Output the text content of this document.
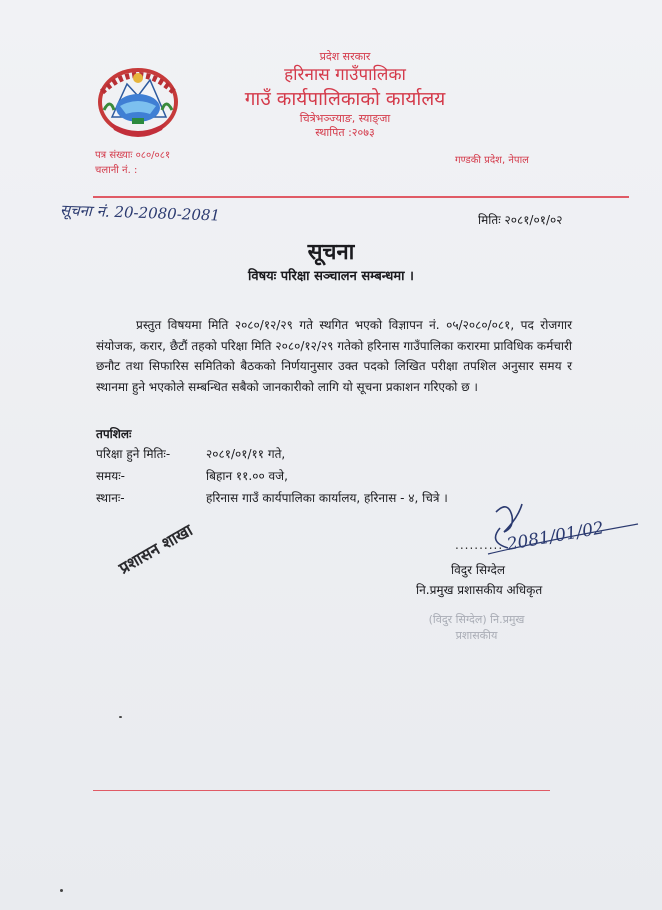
प्रदेश सरकार
हरिनास गाउँपालिका
गाउँ कार्यपालिकाको कार्यालय
चित्रेभञ्ज्याङ, स्याङ्जा
स्थापित :२०७३
पत्र संख्याः ०८०/०८१
चलानी नं. :
गण्डकी प्रदेश, नेपाल
सूचना नं. 20-2080-2081	मितिः २०८१/०१/०२
सूचना
विषयः परिक्षा सञ्चालन सम्बन्धमा ।
प्रस्तुत विषयमा मिति २०८०/१२/२९ गते स्थगित भएको विज्ञापन नं. ०५/२०८०/०८१, पद रोजगार संयोजक, करार, छैटौं तहको परिक्षा मिति २०८०/१२/२९ गतेको हरिनास गाउँपालिका करारमा प्राविधिक कर्मचारी छनौट तथा सिफारिस समितिको बैठकको निर्णयानुसार उक्त पदको लिखित परीक्षा तपशिल अनुसार समय र स्थानमा हुने भएकोले सम्बन्धित सबैको जानकारीको लागि यो सूचना प्रकाशन गरिएको छ ।
तपशिलः
परिक्षा हुने मितिः-	२०८१/०१/११ गते,
समयः-	बिहान ११.०० वजे,
स्थानः-	हरिनास गाउँ कार्यपालिका कार्यालय, हरिनास - ४, चित्रे ।
2081/01/02
..........
विदुर सिग्देल
नि.प्रमुख प्रशासकीय अधिकृत
प्रशासन शाखा
(विदुर सिग्देल) नि.प्रमुख प्रशासकीय
